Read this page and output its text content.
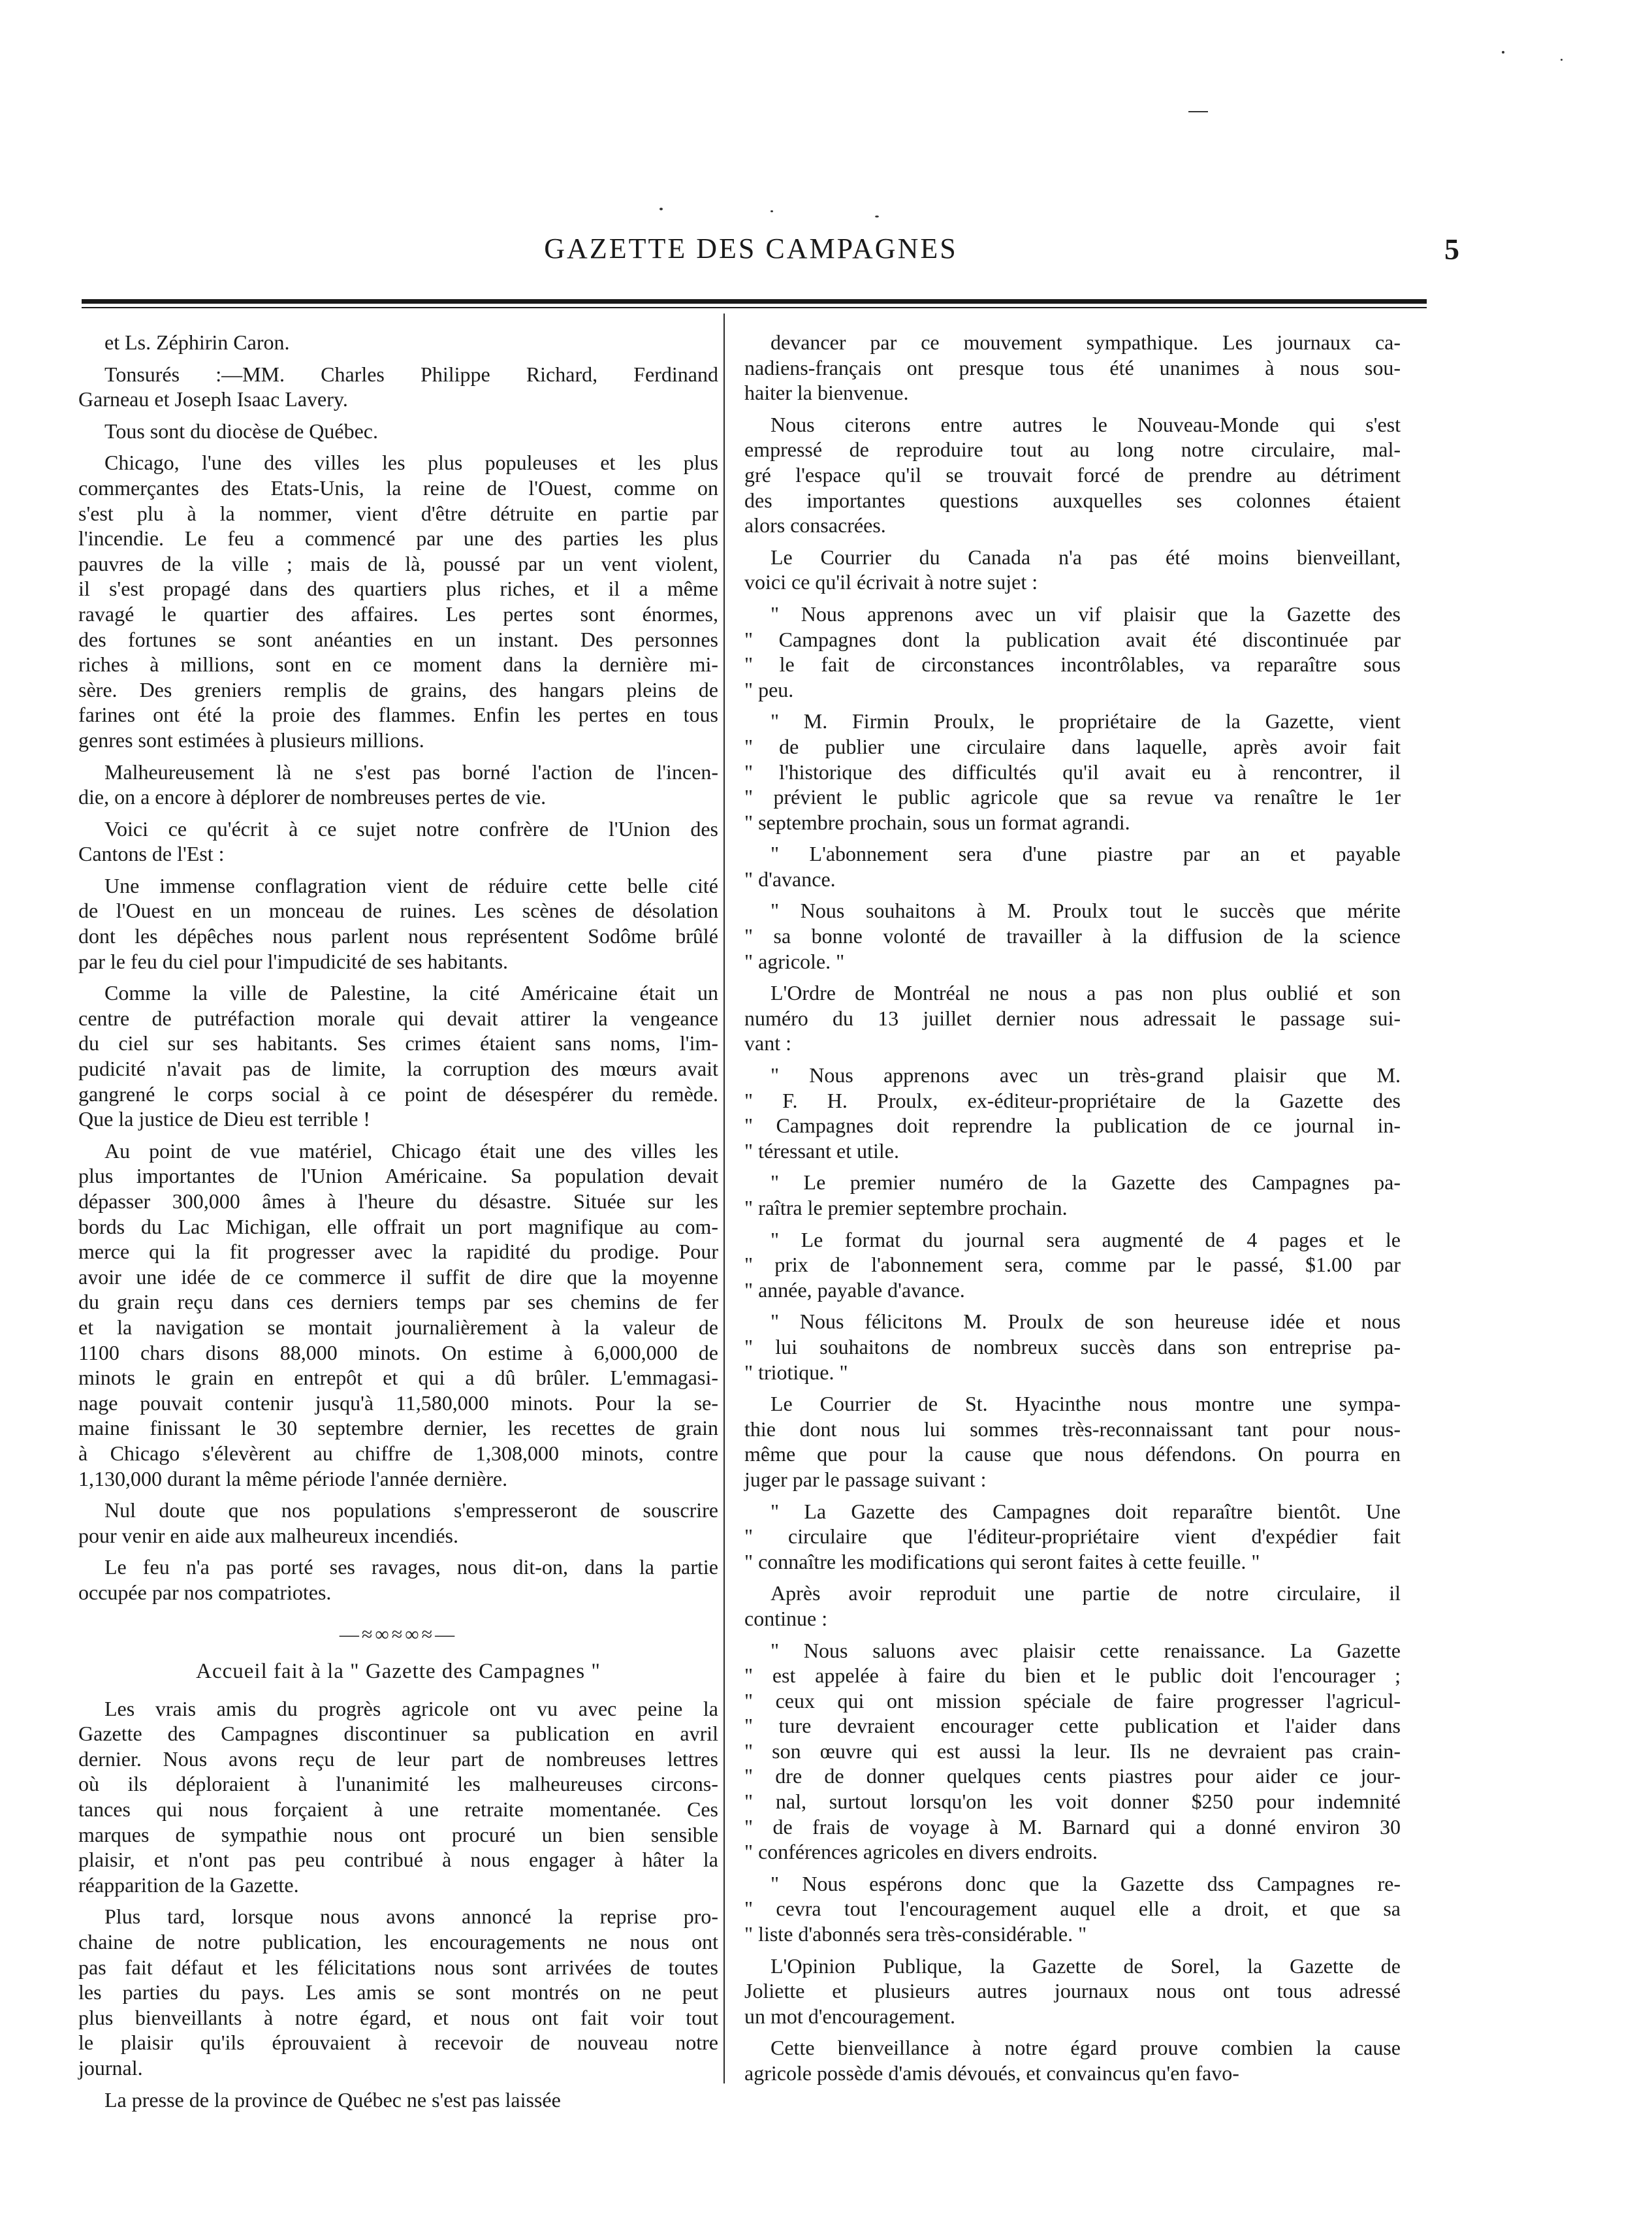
GAZETTE DES CAMPAGNES	5

et Ls. Zéphirin Caron.

Tonsurés :—MM. Charles Philippe Richard, Ferdinand
Garneau et Joseph Isaac Lavery.

Tous sont du diocèse de Québec.

Chicago, l'une des villes les plus populeuses et les plus
commerçantes des Etats-Unis, la reine de l'Ouest, comme on
s'est plu à la nommer, vient d'être détruite en partie par
l'incendie. Le feu a commencé par une des parties les plus
pauvres de la ville ; mais de là, poussé par un vent violent,
il s'est propagé dans des quartiers plus riches, et il a même
ravagé le quartier des affaires. Les pertes sont énormes,
des fortunes se sont anéanties en un instant. Des personnes
riches à millions, sont en ce moment dans la dernière mi-
sère. Des greniers remplis de grains, des hangars pleins de
farines ont été la proie des flammes. Enfin les pertes en tous
genres sont estimées à plusieurs millions.

Malheureusement là ne s'est pas borné l'action de l'incen-
die, on a encore à déplorer de nombreuses pertes de vie.

Voici ce qu'écrit à ce sujet notre confrère de l'Union des
Cantons de l'Est :

Une immense conflagration vient de réduire cette belle cité
de l'Ouest en un monceau de ruines. Les scènes de désolation
dont les dépêches nous parlent nous représentent Sodôme brûlé
par le feu du ciel pour l'impudicité de ses habitants.

Comme la ville de Palestine, la cité Américaine était un
centre de putréfaction morale qui devait attirer la vengeance
du ciel sur ses habitants. Ses crimes étaient sans noms, l'im-
pudicité n'avait pas de limite, la corruption des mœurs avait
gangrené le corps social à ce point de désespérer du remède.
Que la justice de Dieu est terrible !

Au point de vue matériel, Chicago était une des villes les
plus importantes de l'Union Américaine. Sa population devait
dépasser 300,000 âmes à l'heure du désastre. Située sur les
bords du Lac Michigan, elle offrait un port magnifique au com-
merce qui la fit progresser avec la rapidité du prodige. Pour
avoir une idée de ce commerce il suffit de dire que la moyenne
du grain reçu dans ces derniers temps par ses chemins de fer
et la navigation se montait journalièrement à la valeur de
1100 chars disons 88,000 minots. On estime à 6,000,000 de
minots le grain en entrepôt et qui a dû brûler. L'emmagasi-
nage pouvait contenir jusqu'à 11,580,000 minots. Pour la se-
maine finissant le 30 septembre dernier, les recettes de grain
à Chicago s'élevèrent au chiffre de 1,308,000 minots, contre
1,130,000 durant la même période l'année dernière.

Nul doute que nos populations s'empresseront de souscrire
pour venir en aide aux malheureux incendiés.

Le feu n'a pas porté ses ravages, nous dit-on, dans la partie
occupée par nos compatriotes.

—≈∞≈∞≈—
Accueil fait à la " Gazette des Campagnes "

Les vrais amis du progrès agricole ont vu avec peine la
Gazette des Campagnes discontinuer sa publication en avril
dernier. Nous avons reçu de leur part de nombreuses lettres
où ils déploraient à l'unanimité les malheureuses circons-
tances qui nous forçaient à une retraite momentanée. Ces
marques de sympathie nous ont procuré un bien sensible
plaisir, et n'ont pas peu contribué à nous engager à hâter la
réapparition de la Gazette.

Plus tard, lorsque nous avons annoncé la reprise pro-
chaine de notre publication, les encouragements ne nous ont
pas fait défaut et les félicitations nous sont arrivées de toutes
les parties du pays. Les amis se sont montrés on ne peut
plus bienveillants à notre égard, et nous ont fait voir tout
le plaisir qu'ils éprouvaient à recevoir de nouveau notre
journal.

La presse de la province de Québec ne s'est pas laissée

devancer par ce mouvement sympathique. Les journaux ca-
nadiens-français ont presque tous été unanimes à nous sou-
haiter la bienvenue.

Nous citerons entre autres le Nouveau-Monde qui s'est
empressé de reproduire tout au long notre circulaire, mal-
gré l'espace qu'il se trouvait forcé de prendre au détriment
des importantes questions auxquelles ses colonnes étaient
alors consacrées.

Le Courrier du Canada n'a pas été moins bienveillant,
voici ce qu'il écrivait à notre sujet :

" Nous apprenons avec un vif plaisir que la Gazette des
" Campagnes dont la publication avait été discontinuée par
" le fait de circonstances incontrôlables, va reparaître sous
" peu.

" M. Firmin Proulx, le propriétaire de la Gazette, vient
" de publier une circulaire dans laquelle, après avoir fait
" l'historique des difficultés qu'il avait eu à rencontrer, il
" prévient le public agricole que sa revue va renaître le 1er
" septembre prochain, sous un format agrandi.

" L'abonnement sera d'une piastre par an et payable
" d'avance.

" Nous souhaitons à M. Proulx tout le succès que mérite
" sa bonne volonté de travailler à la diffusion de la science
" agricole. "

L'Ordre de Montréal ne nous a pas non plus oublié et son
numéro du 13 juillet dernier nous adressait le passage sui-
vant :

" Nous apprenons avec un très-grand plaisir que M.
" F. H. Proulx, ex-éditeur-propriétaire de la Gazette des
" Campagnes doit reprendre la publication de ce journal in-
" téressant et utile.

" Le premier numéro de la Gazette des Campagnes pa-
" raîtra le premier septembre prochain.

" Le format du journal sera augmenté de 4 pages et le
" prix de l'abonnement sera, comme par le passé, $1.00 par
" année, payable d'avance.

" Nous félicitons M. Proulx de son heureuse idée et nous
" lui souhaitons de nombreux succès dans son entreprise pa-
" triotique. "

Le Courrier de St. Hyacinthe nous montre une sympa-
thie dont nous lui sommes très-reconnaissant tant pour nous-
même que pour la cause que nous défendons. On pourra en
juger par le passage suivant :

" La Gazette des Campagnes doit reparaître bientôt. Une
" circulaire que l'éditeur-propriétaire vient d'expédier fait
" connaître les modifications qui seront faites à cette feuille. "

Après avoir reproduit une partie de notre circulaire, il
continue :

" Nous saluons avec plaisir cette renaissance. La Gazette
" est appelée à faire du bien et le public doit l'encourager ;
" ceux qui ont mission spéciale de faire progresser l'agricul-
" ture devraient encourager cette publication et l'aider dans
" son œuvre qui est aussi la leur. Ils ne devraient pas crain-
" dre de donner quelques cents piastres pour aider ce jour-
" nal, surtout lorsqu'on les voit donner $250 pour indemnité
" de frais de voyage à M. Barnard qui a donné environ 30
" conférences agricoles en divers endroits.

" Nous espérons donc que la Gazette dss Campagnes re-
" cevra tout l'encouragement auquel elle a droit, et que sa
" liste d'abonnés sera très-considérable. "

L'Opinion Publique, la Gazette de Sorel, la Gazette de
Joliette et plusieurs autres journaux nous ont tous adressé
un mot d'encouragement.

Cette bienveillance à notre égard prouve combien la cause
agricole possède d'amis dévoués, et convaincus qu'en favo-
